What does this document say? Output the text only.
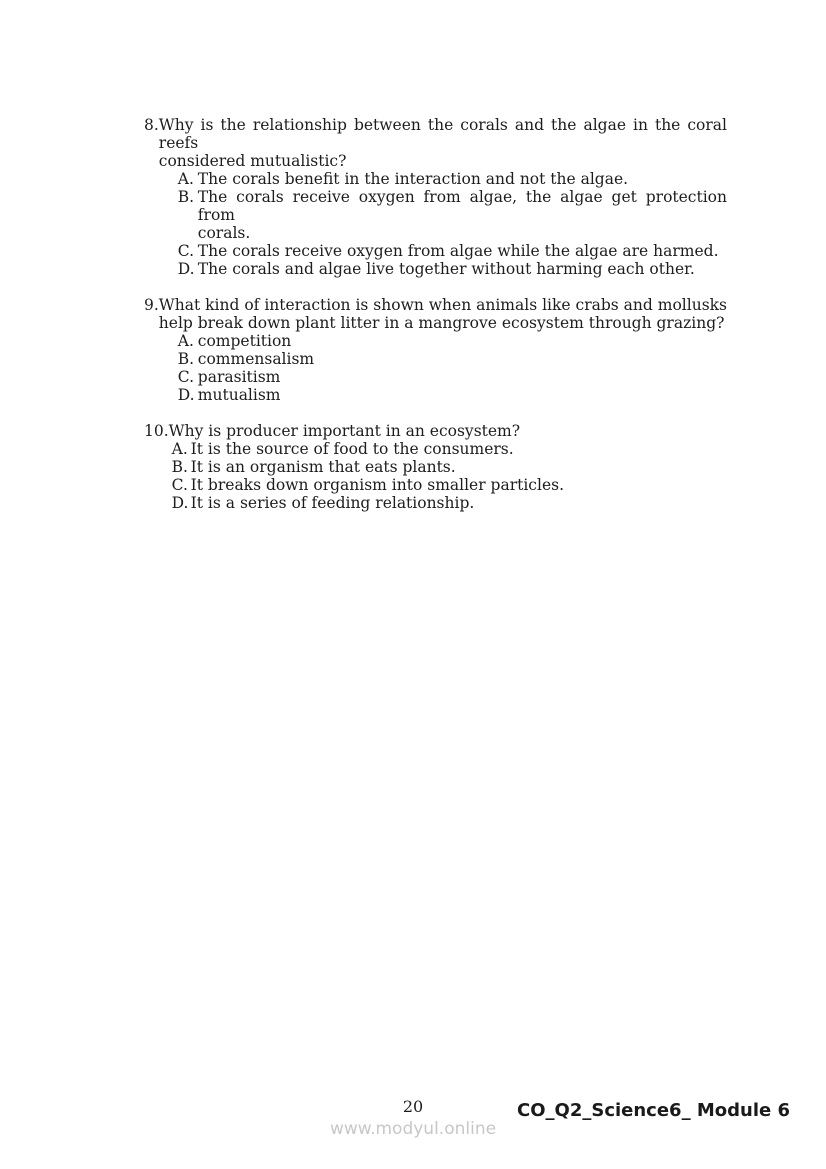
8. Why is the relationship between the corals and the algae in the coral reefs
considered mutualistic?
A. The corals benefit in the interaction and not the algae.
B. The corals receive oxygen from algae, the algae get protection from
corals.
C. The corals receive oxygen from algae while the algae are harmed.
D. The corals and algae live together without harming each other.
9. What kind of interaction is shown when animals like crabs and mollusks
help break down plant litter in a mangrove ecosystem through grazing?
A. competition
B. commensalism
C. parasitism
D. mutualism
10. Why is producer important in an ecosystem?
A. It is the source of food to the consumers.
B. It is an organism that eats plants.
C. It breaks down organism into smaller particles.
D. It is a series of feeding relationship.
20
www.modyul.online
CO_Q2_Science6_ Module 6
